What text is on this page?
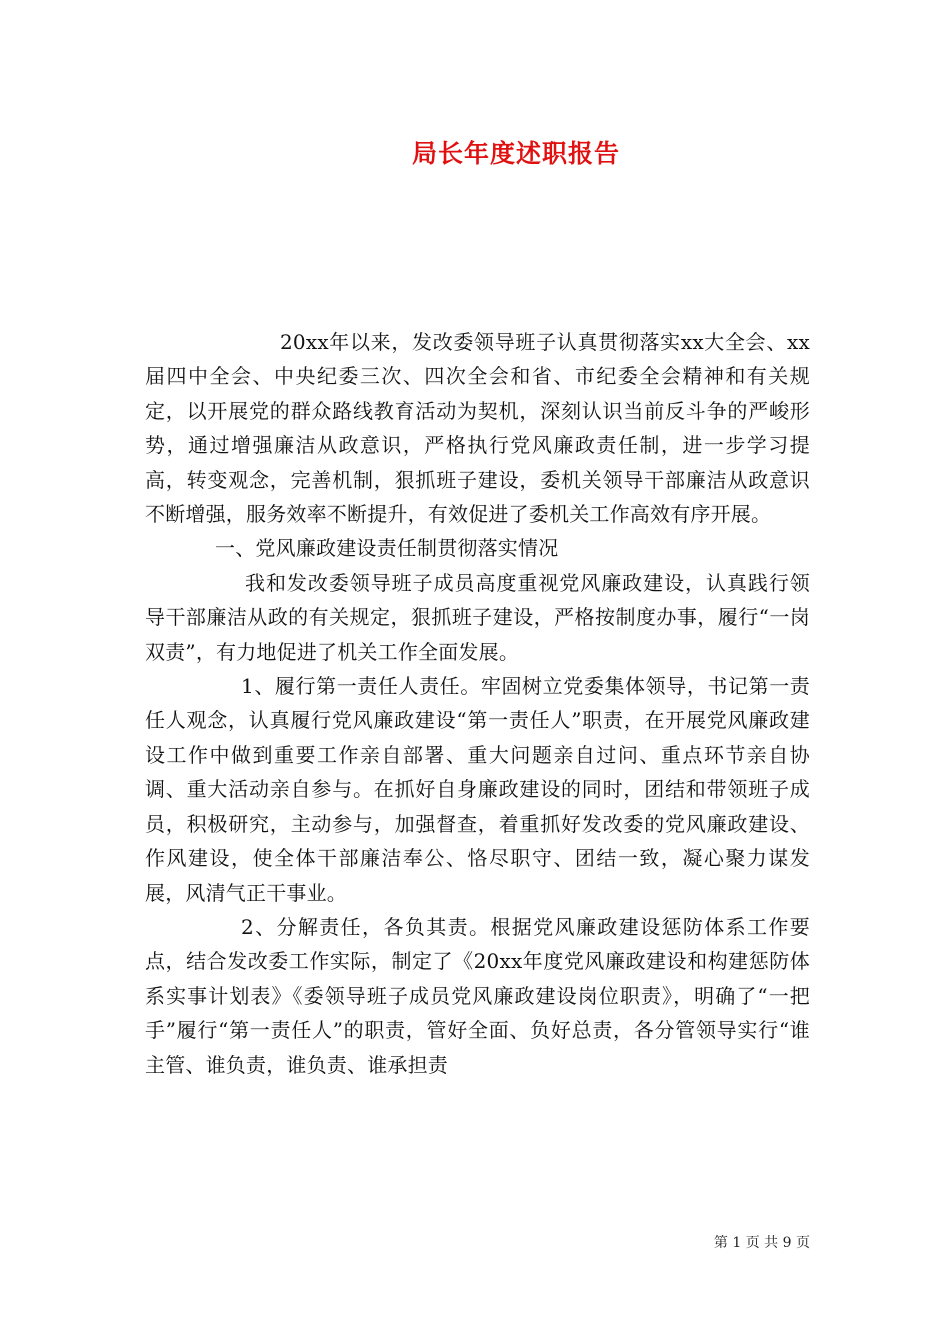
局长年度述职报告

20xx年以来，发改委领导班子认真贯彻落实xx大全会、xx届四中全会、中央纪委三次、四次全会和省、市纪委全会精神和有关规定，以开展党的群众路线教育活动为契机，深刻认识当前反斗争的严峻形势，通过增强廉洁从政意识，严格执行党风廉政责任制，进一步学习提高，转变观念，完善机制，狠抓班子建设，委机关领导干部廉洁从政意识不断增强，服务效率不断提升，有效促进了委机关工作高效有序开展。

一、党风廉政建设责任制贯彻落实情况

我和发改委领导班子成员高度重视党风廉政建设，认真践行领导干部廉洁从政的有关规定，狠抓班子建设，严格按制度办事，履行“一岗双责”，有力地促进了机关工作全面发展。

1、履行第一责任人责任。牢固树立党委集体领导，书记第一责任人观念，认真履行党风廉政建设“第一责任人”职责，在开展党风廉政建设工作中做到重要工作亲自部署、重大问题亲自过问、重点环节亲自协调、重大活动亲自参与。在抓好自身廉政建设的同时，团结和带领班子成员，积极研究，主动参与，加强督查，着重抓好发改委的党风廉政建设、作风建设，使全体干部廉洁奉公、恪尽职守、团结一致，凝心聚力谋发展，风清气正干事业。

2、分解责任，各负其责。根据党风廉政建设惩防体系工作要点，结合发改委工作实际，制定了《20xx年度党风廉政建设和构建惩防体系实事计划表》《委领导班子成员党风廉政建设岗位职责》，明确了“一把手”履行“第一责任人”的职责，管好全面、负好总责，各分管领导实行“谁主管、谁负责，谁负责、谁承担责

第 1 页 共 9 页
